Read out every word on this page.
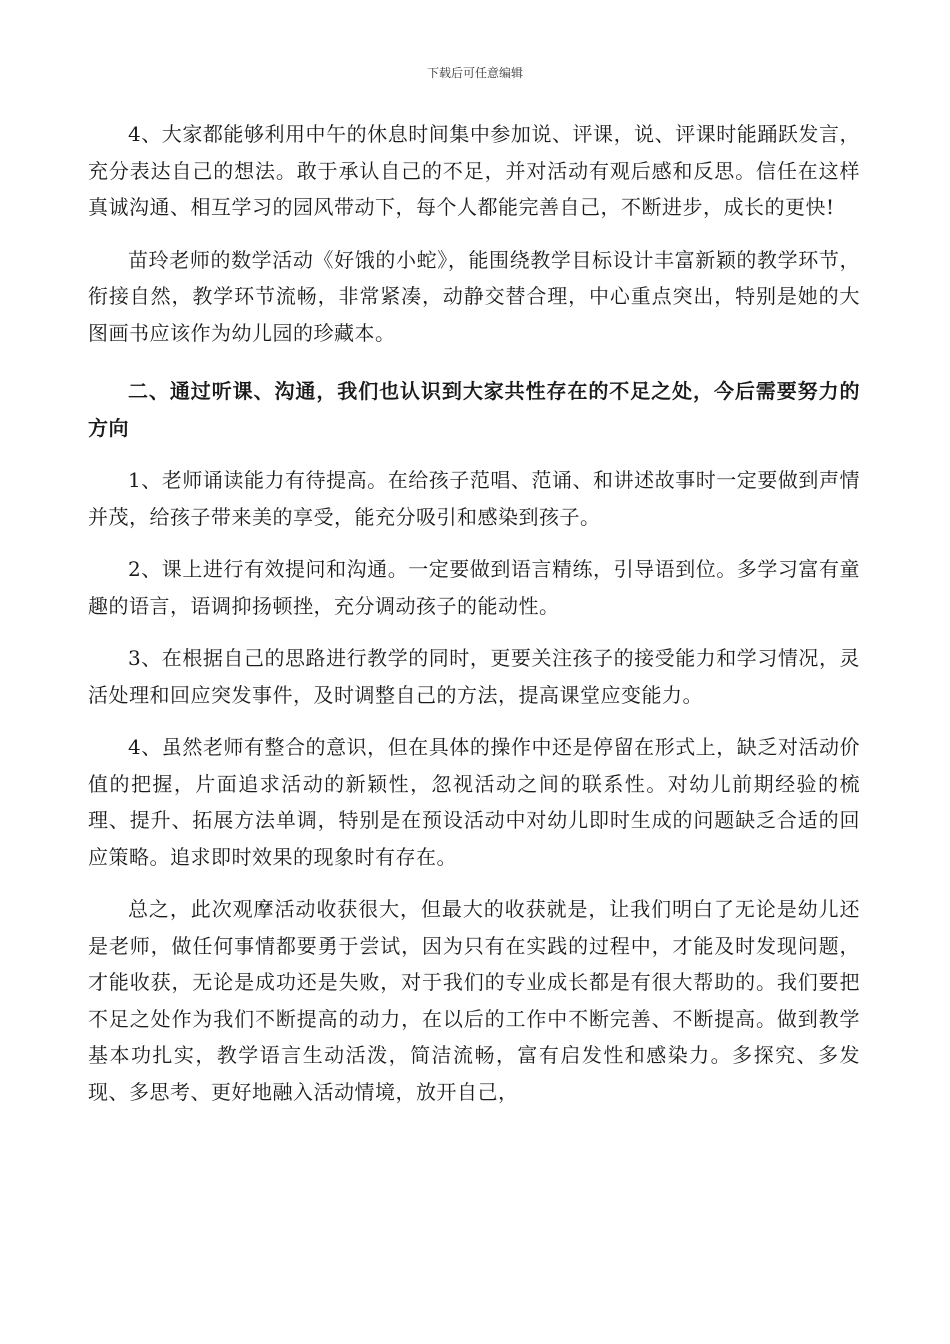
下载后可任意编辑

4、大家都能够利用中午的休息时间集中参加说、评课，说、评课时能踊跃发言，充分表达自己的想法。敢于承认自己的不足，并对活动有观后感和反思。信任在这样真诚沟通、相互学习的园风带动下，每个人都能完善自己，不断进步，成长的更快!

苗玲老师的数学活动《好饿的小蛇》，能围绕教学目标设计丰富新颖的教学环节，衔接自然，教学环节流畅，非常紧凑，动静交替合理，中心重点突出，特别是她的大图画书应该作为幼儿园的珍藏本。

二、通过听课、沟通，我们也认识到大家共性存在的不足之处，今后需要努力的方向

1、老师诵读能力有待提高。在给孩子范唱、范诵、和讲述故事时一定要做到声情并茂，给孩子带来美的享受，能充分吸引和感染到孩子。

2、课上进行有效提问和沟通。一定要做到语言精练，引导语到位。多学习富有童趣的语言，语调抑扬顿挫，充分调动孩子的能动性。

3、在根据自己的思路进行教学的同时，更要关注孩子的接受能力和学习情况，灵活处理和回应突发事件，及时调整自己的方法，提高课堂应变能力。

4、虽然老师有整合的意识，但在具体的操作中还是停留在形式上，缺乏对活动价值的把握，片面追求活动的新颖性，忽视活动之间的联系性。对幼儿前期经验的梳理、提升、拓展方法单调，特别是在预设活动中对幼儿即时生成的问题缺乏合适的回应策略。追求即时效果的现象时有存在。

总之，此次观摩活动收获很大，但最大的收获就是，让我们明白了无论是幼儿还是老师，做任何事情都要勇于尝试，因为只有在实践的过程中，才能及时发现问题，才能收获，无论是成功还是失败，对于我们的专业成长都是有很大帮助的。我们要把不足之处作为我们不断提高的动力，在以后的工作中不断完善、不断提高。做到教学基本功扎实，教学语言生动活泼，简洁流畅，富有启发性和感染力。多探究、多发现、多思考、更好地融入活动情境，放开自己，
